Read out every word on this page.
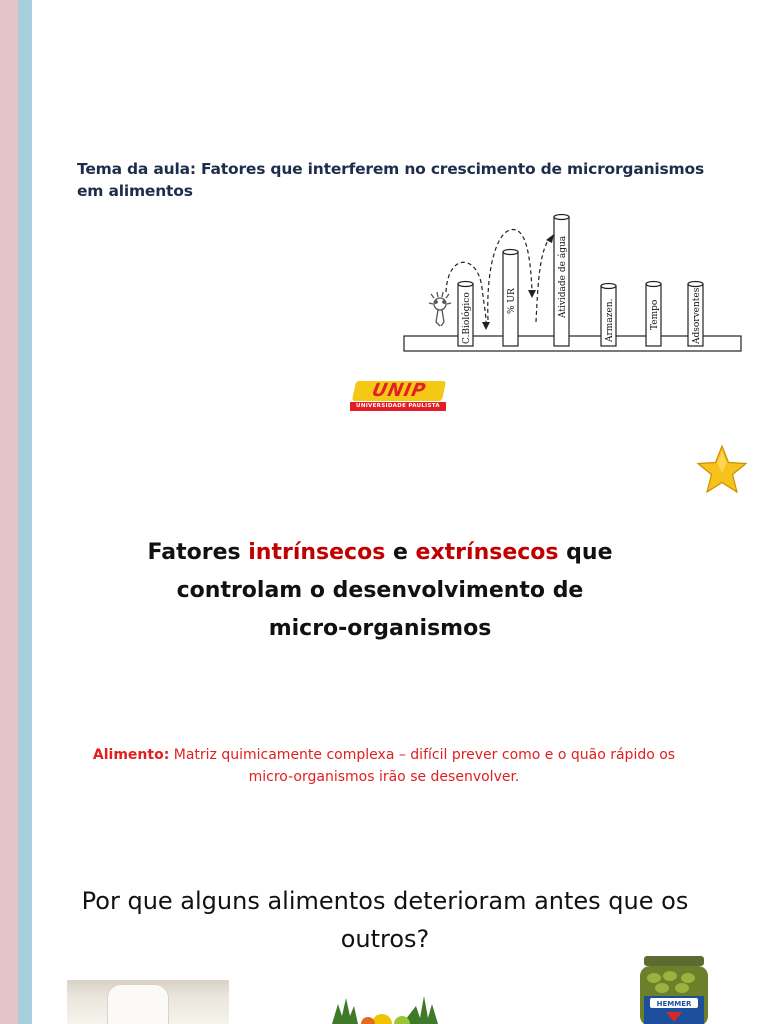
Tema da aula: Fatores que interferem no crescimento de microrganismos em alimentos
C.Biológico	% UR	Atividade de água
Armazen.	Tempo	Adsorventes
UNIP
UNIVERSIDADE PAULISTA
Fatores intrínsecos e extrínsecos que controlam o desenvolvimento de micro-organismos
Alimento: Matriz quimicamente complexa – difícil prever como e o quão rápido os micro-organismos irão se desenvolver.
Por que alguns alimentos deterioram antes que os outros?
HEMMER
